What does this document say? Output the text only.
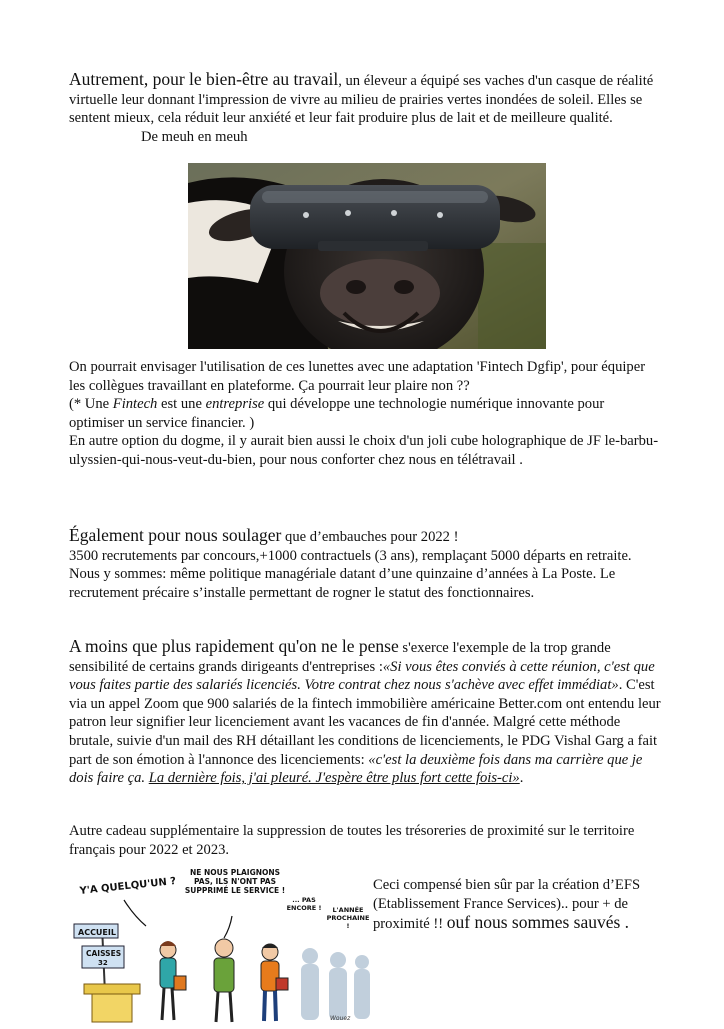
Autrement, pour le bien-être au travail, un éleveur a équipé ses vaches d'un casque de réalité virtuelle leur donnant l'impression de vivre au milieu de prairies vertes inondées de soleil. Elles se sentent mieux, cela réduit leur anxiété et leur fait produire plus de lait et de meilleure qualité.De meuh en meuh

On pourrait envisager l'utilisation de ces lunettes avec une adaptation 'Fintech Dgfip', pour équiper les collègues travaillant en plateforme. Ça pourrait leur plaire non ??
(* Une Fintech est une entreprise qui développe une technologie numérique innovante pour optimiser un service financier. )
En autre option du dogme, il y aurait bien aussi le choix d'un joli cube holographique de JF le-barbu-ulyssien-qui-nous-veut-du-bien, pour nous conforter chez nous en télétravail .

Également pour nous soulager que d’embauches pour 2022 !
3500 recrutements par concours,+1000 contractuels (3 ans), remplaçant 5000 départs en retraite.
Nous y sommes: même politique managériale datant d’une quinzaine d’années à La Poste. Le recrutement précaire s’installe permettant de rogner le statut des fonctionnaires.

A moins que plus rapidement qu'on ne le pense s'exerce l'exemple de la trop grande sensibilité de certains grands dirigeants d'entreprises :«Si vous êtes conviés à cette réunion, c'est que vous faites partie des salariés licenciés. Votre contrat chez nous s'achève avec effet immédiat». C'est via un appel Zoom que 900 salariés de la fintech immobilière américaine Better.com ont entendu leur patron leur signifier leur licenciement avant les vacances de fin d'année. Malgré cette méthode brutale, suivie d'un mail des RH détaillant les conditions de licenciements, le PDG Vishal Garg a fait part de son émotion à l'annonce des licenciements: «c'est la deuxième fois dans ma carrière que je dois faire ça. La dernière fois, j'ai pleuré. J'espère être plus fort cette fois-ci».

Autre cadeau supplémentaire la suppression de toutes les trésoreries de proximité sur le territoire français pour 2022 et 2023.

Y'A QUELQU'UN ?
NE NOUS PLAIGNONS PAS, ILS N'ONT PAS SUPPRIMÉ LE SERVICE !
... PAS ENCORE !	L'ANNÉE PROCHAINE !
ACCUEIL
CAISSES
32
Wouez

Ceci compensé bien sûr par la création d’EFS (Etablissement France Services).. pour + de proximité !! ouf nous sommes sauvés .
